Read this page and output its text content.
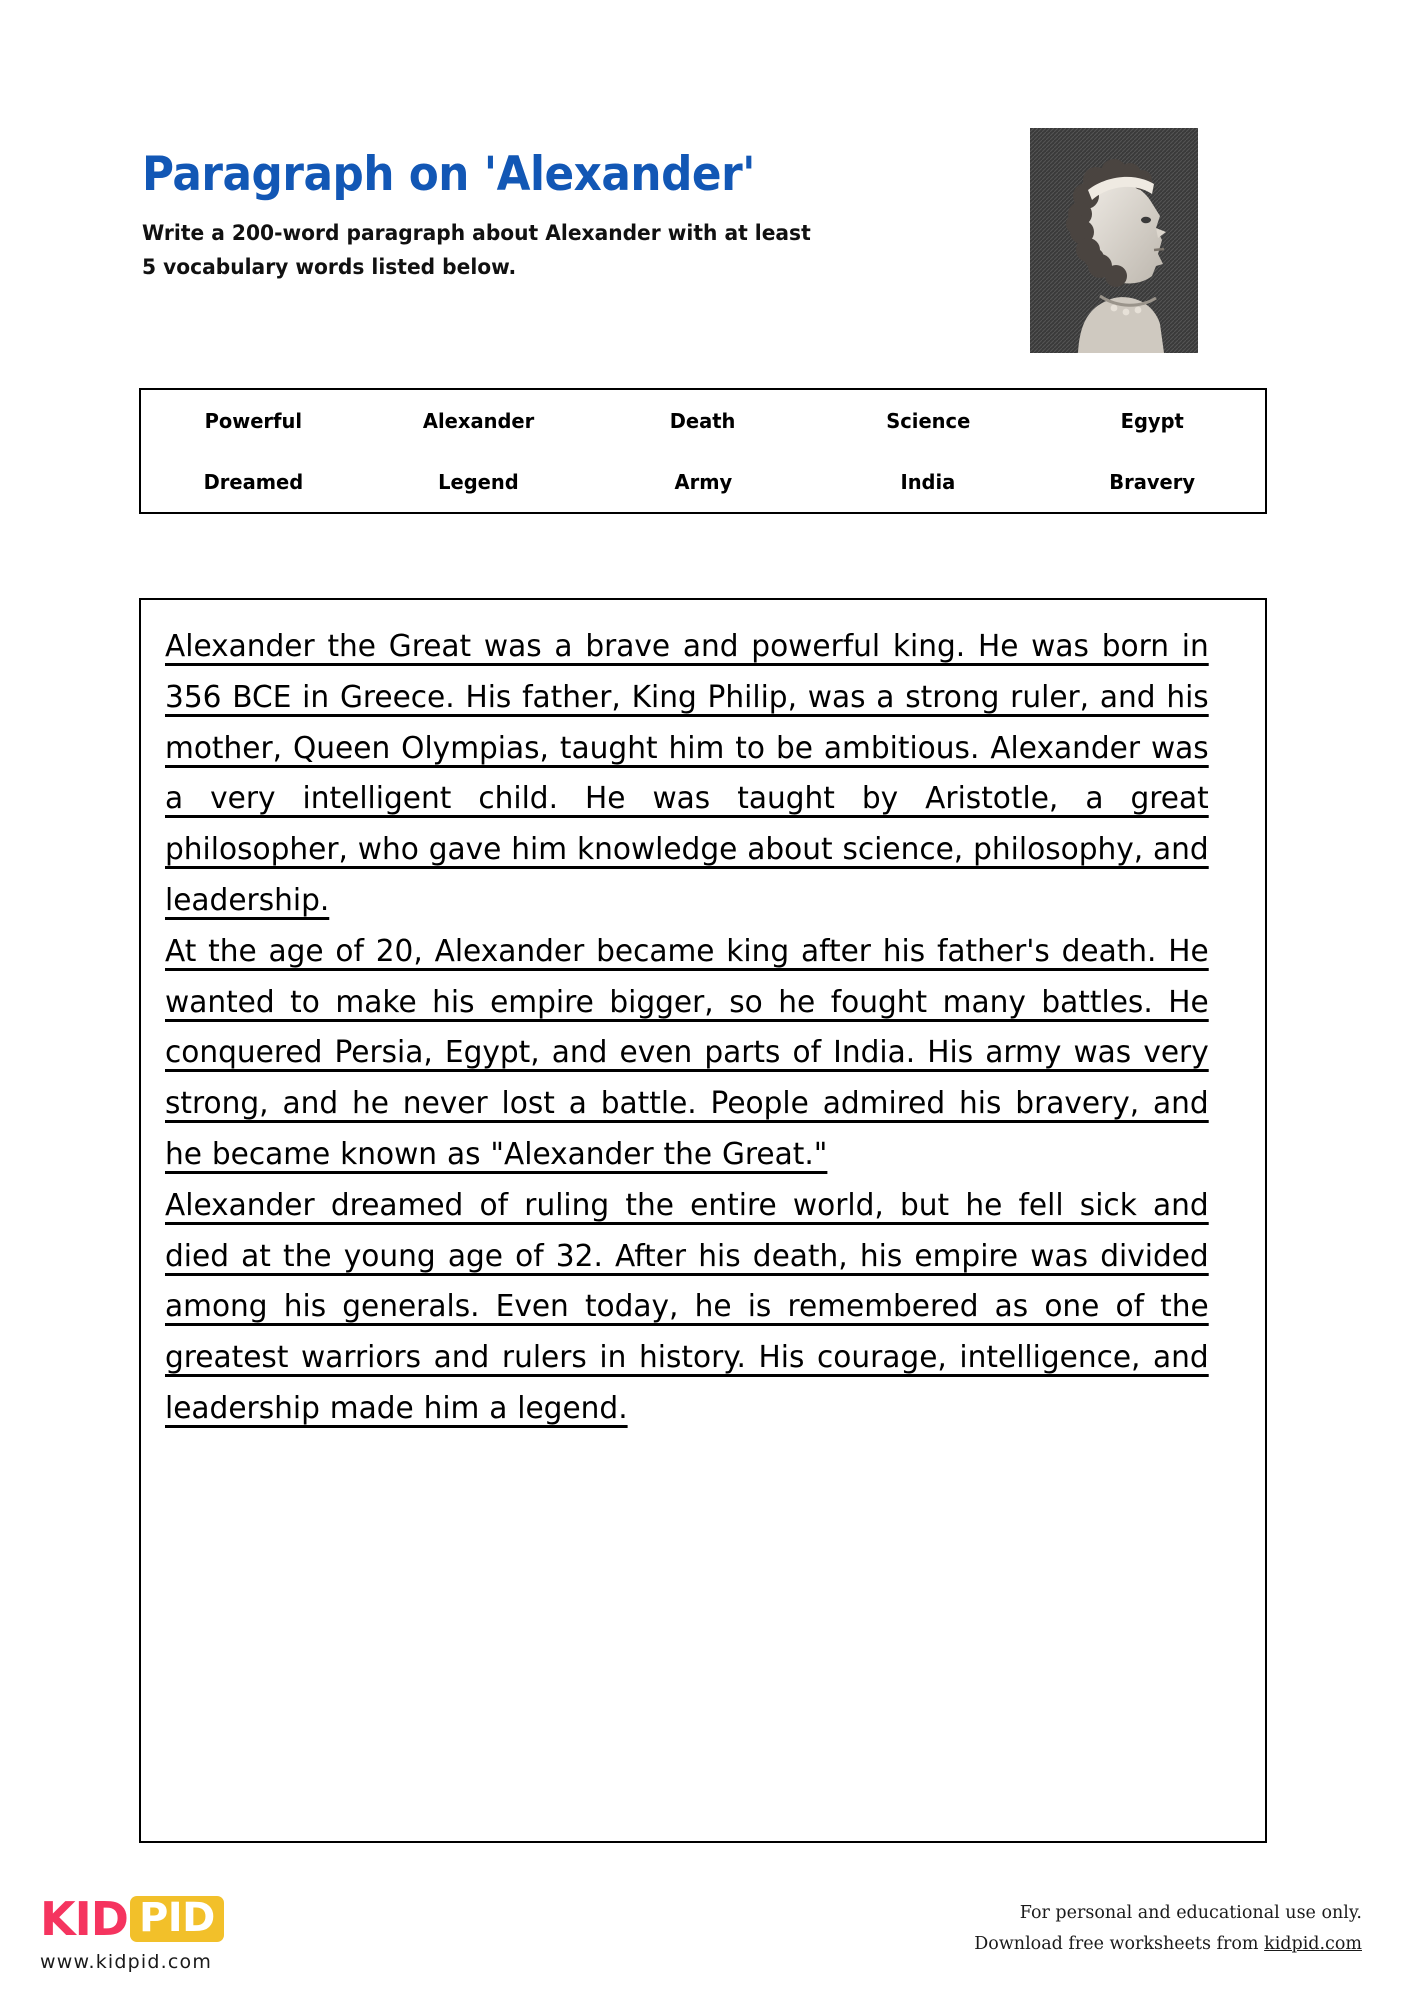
Paragraph on 'Alexander'
Write a 200-word paragraph about Alexander with at least
5 vocabulary words listed below.
Powerful	Alexander	Death	Science	Egypt
Dreamed	Legend	Army	India	Bravery

Alexander the Great was a brave and powerful king. He was born in 356 BCE in Greece. His father, King Philip, was a strong ruler, and his mother, Queen Olympias, taught him to be ambitious. Alexander was a very intelligent child. He was taught by Aristotle, a great philosopher, who gave him knowledge about science, philosophy, and leadership.

At the age of 20, Alexander became king after his father's death. He wanted to make his empire bigger, so he fought many battles. He conquered Persia, Egypt, and even parts of India. His army was very strong, and he never lost a battle. People admired his bravery, and he became known as "Alexander the Great."

Alexander dreamed of ruling the entire world, but he fell sick and died at the young age of 32. After his death, his empire was divided among his generals. Even today, he is remembered as one of the greatest warriors and rulers in history. His courage, intelligence, and leadership made him a legend.

KID PID
www.kidpid.com
For personal and educational use only.
Download free worksheets from kidpid.com
